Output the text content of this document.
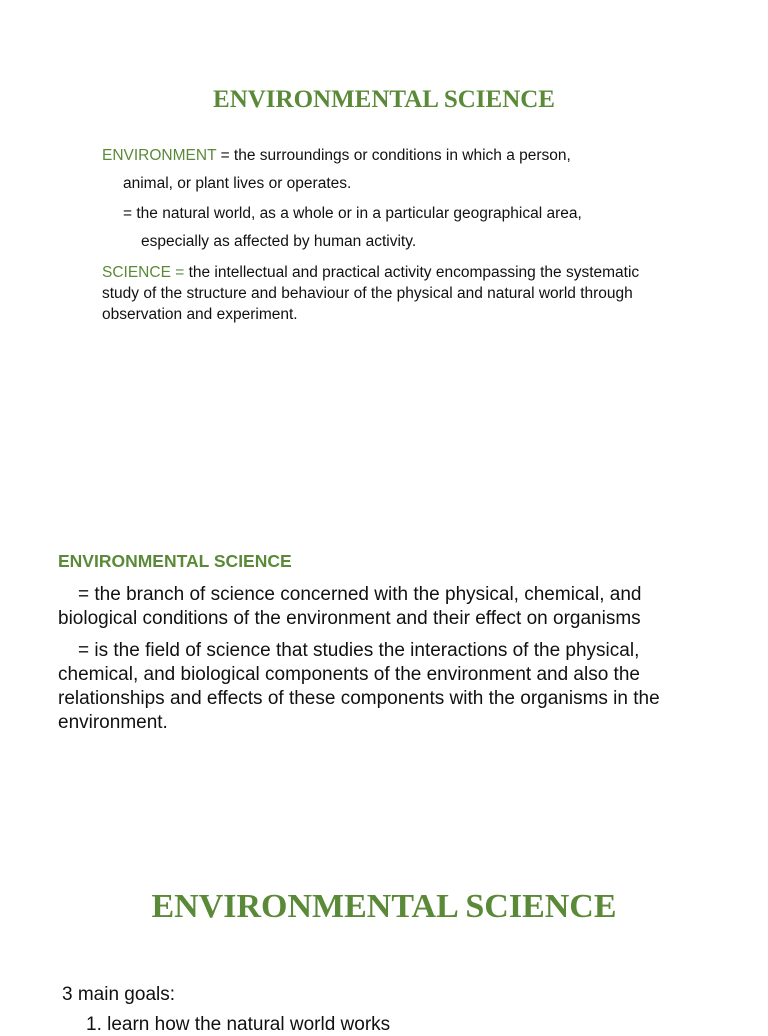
ENVIRONMENTAL SCIENCE
ENVIRONMENT = the surroundings or conditions in which a person,
animal, or plant lives or operates.
= the natural world, as a whole or in a particular geographical area,
especially as affected by human activity.
SCIENCE = the intellectual and practical activity encompassing the systematic study of the structure and behaviour of the physical and natural world through observation and experiment.
ENVIRONMENTAL SCIENCE
= the branch of science concerned with the physical, chemical, and biological conditions of the environment and their effect on organisms
= is the field of science that studies the interactions of the physical, chemical, and biological components of the environment and also the relationships and effects of these components with the organisms in the environment.
ENVIRONMENTAL SCIENCE
3 main goals:
1. learn how the natural world works
